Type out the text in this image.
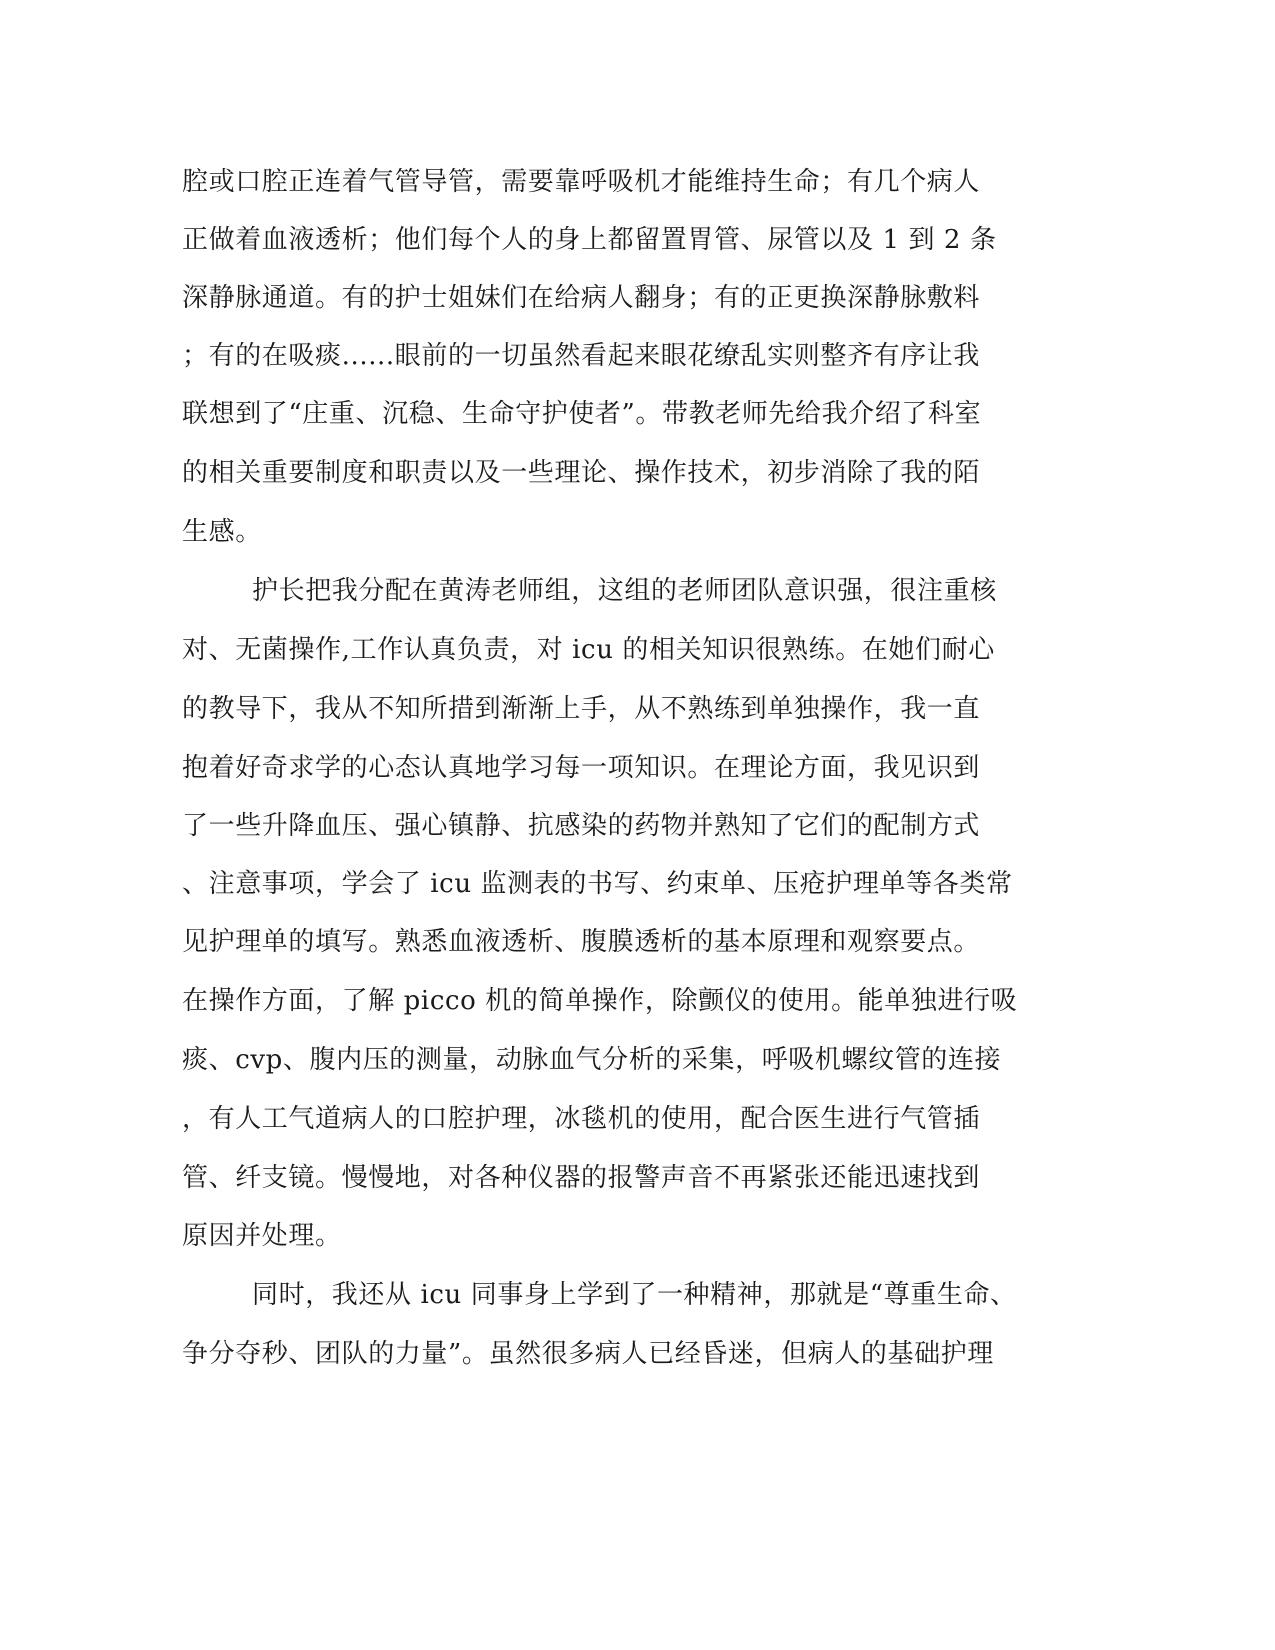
腔或口腔正连着气管导管，需要靠呼吸机才能维持生命；有几个病人
正做着血液透析；他们每个人的身上都留置胃管、尿管以及 1 到 2 条
深静脉通道。有的护士姐妹们在给病人翻身；有的正更换深静脉敷料
；有的在吸痰......眼前的一切虽然看起来眼花缭乱实则整齐有序让我
联想到了“庄重、沉稳、生命守护使者”。带教老师先给我介绍了科室
的相关重要制度和职责以及一些理论、操作技术，初步消除了我的陌
生感。
护长把我分配在黄涛老师组，这组的老师团队意识强，很注重核
对、无菌操作,工作认真负责，对 icu 的相关知识很熟练。在她们耐心
的教导下，我从不知所措到渐渐上手，从不熟练到单独操作，我一直
抱着好奇求学的心态认真地学习每一项知识。在理论方面，我见识到
了一些升降血压、强心镇静、抗感染的药物并熟知了它们的配制方式
、注意事项，学会了 icu 监测表的书写、约束单、压疮护理单等各类常
见护理单的填写。熟悉血液透析、腹膜透析的基本原理和观察要点。
在操作方面，了解 picco 机的简单操作，除颤仪的使用。能单独进行吸
痰、cvp、腹内压的测量，动脉血气分析的采集，呼吸机螺纹管的连接
，有人工气道病人的口腔护理，冰毯机的使用，配合医生进行气管插
管、纤支镜。慢慢地，对各种仪器的报警声音不再紧张还能迅速找到
原因并处理。
同时，我还从 icu 同事身上学到了一种精神，那就是“尊重生命、
争分夺秒、团队的力量”。虽然很多病人已经昏迷，但病人的基础护理
